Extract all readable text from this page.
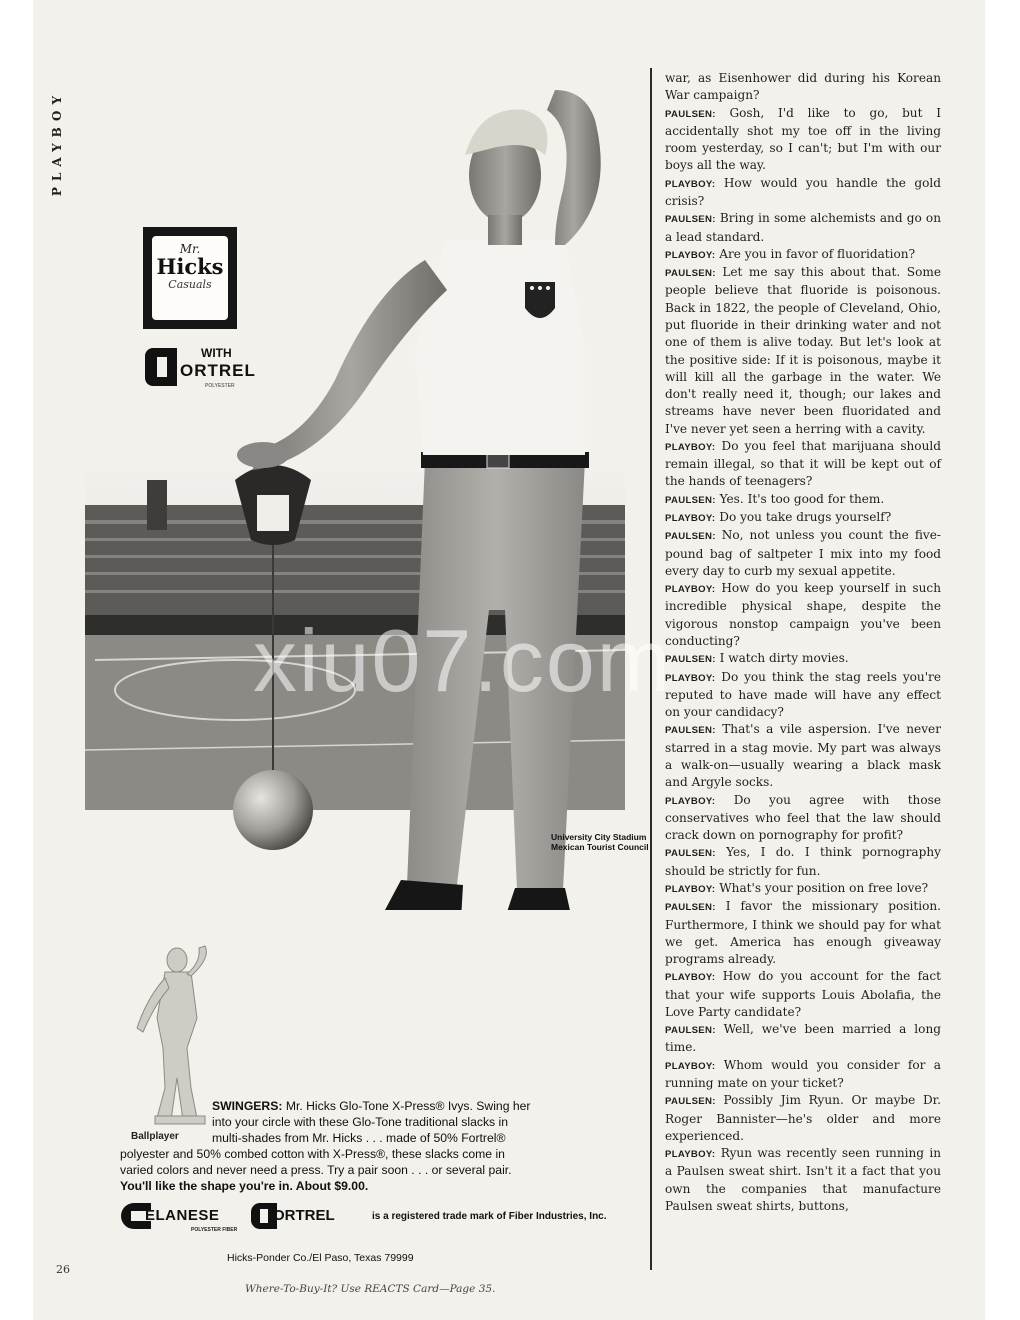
PLAYBOY
Mr.
Hicks
Casuals
WITH
ORTREL
POLYESTER
University City Stadium
Mexican Tourist Council
Ballplayer
SWINGERS: Mr. Hicks Glo-Tone X-Press® Ivys. Swing her
into your circle with these Glo-Tone traditional slacks in
multi-shades from Mr. Hicks . . . made of 50% Fortrel®
polyester and 50% combed cotton with X-Press®, these slacks come in
varied colors and never need a press. Try a pair soon . . . or several pair.
You'll like the shape you're in. About $9.00.
ELANESE	ORTREL
POLYESTER FIBER
is a registered trade mark of Fiber Industries, Inc.
Hicks-Ponder Co./El Paso, Texas 79999
26
Where-To-Buy-It? Use REACTS Card—Page 35.

war, as Eisenhower did during his Korean War campaign?

PAULSEN: Gosh, I'd like to go, but I accidentally shot my toe off in the living room yesterday, so I can't; but I'm with our boys all the way.

PLAYBOY: How would you handle the gold crisis?

PAULSEN: Bring in some alchemists and go on a lead standard.

PLAYBOY: Are you in favor of fluoridation?

PAULSEN: Let me say this about that. Some people believe that fluoride is poisonous. Back in 1822, the people of Cleveland, Ohio, put fluoride in their drinking water and not one of them is alive today. But let's look at the positive side: If it is poisonous, maybe it will kill all the garbage in the water. We don't really need it, though; our lakes and streams have never been fluoridated and I've never yet seen a herring with a cavity.

PLAYBOY: Do you feel that marijuana should remain illegal, so that it will be kept out of the hands of teenagers?

PAULSEN: Yes. It's too good for them.

PLAYBOY: Do you take drugs yourself?

PAULSEN: No, not unless you count the five-pound bag of saltpeter I mix into my food every day to curb my sexual appetite.

PLAYBOY: How do you keep yourself in such incredible physical shape, despite the vigorous nonstop campaign you've been conducting?

PAULSEN: I watch dirty movies.

PLAYBOY: Do you think the stag reels you're reputed to have made will have any effect on your candidacy?

PAULSEN: That's a vile aspersion. I've never starred in a stag movie. My part was always a walk-on—usually wearing a black mask and Argyle socks.

PLAYBOY: Do you agree with those conservatives who feel that the law should crack down on pornography for profit?

PAULSEN: Yes, I do. I think pornography should be strictly for fun.

PLAYBOY: What's your position on free love?

PAULSEN: I favor the missionary position. Furthermore, I think we should pay for what we get. America has enough giveaway programs already.

PLAYBOY: How do you account for the fact that your wife supports Louis Abolafia, the Love Party candidate?

PAULSEN: Well, we've been married a long time.

PLAYBOY: Whom would you consider for a running mate on your ticket?

PAULSEN: Possibly Jim Ryun. Or maybe Dr. Roger Bannister—he's older and more experienced.

PLAYBOY: Ryun was recently seen running in a Paulsen sweat shirt. Isn't it a fact that you own the companies that manufacture Paulsen sweat shirts, buttons,

xiu07.com
